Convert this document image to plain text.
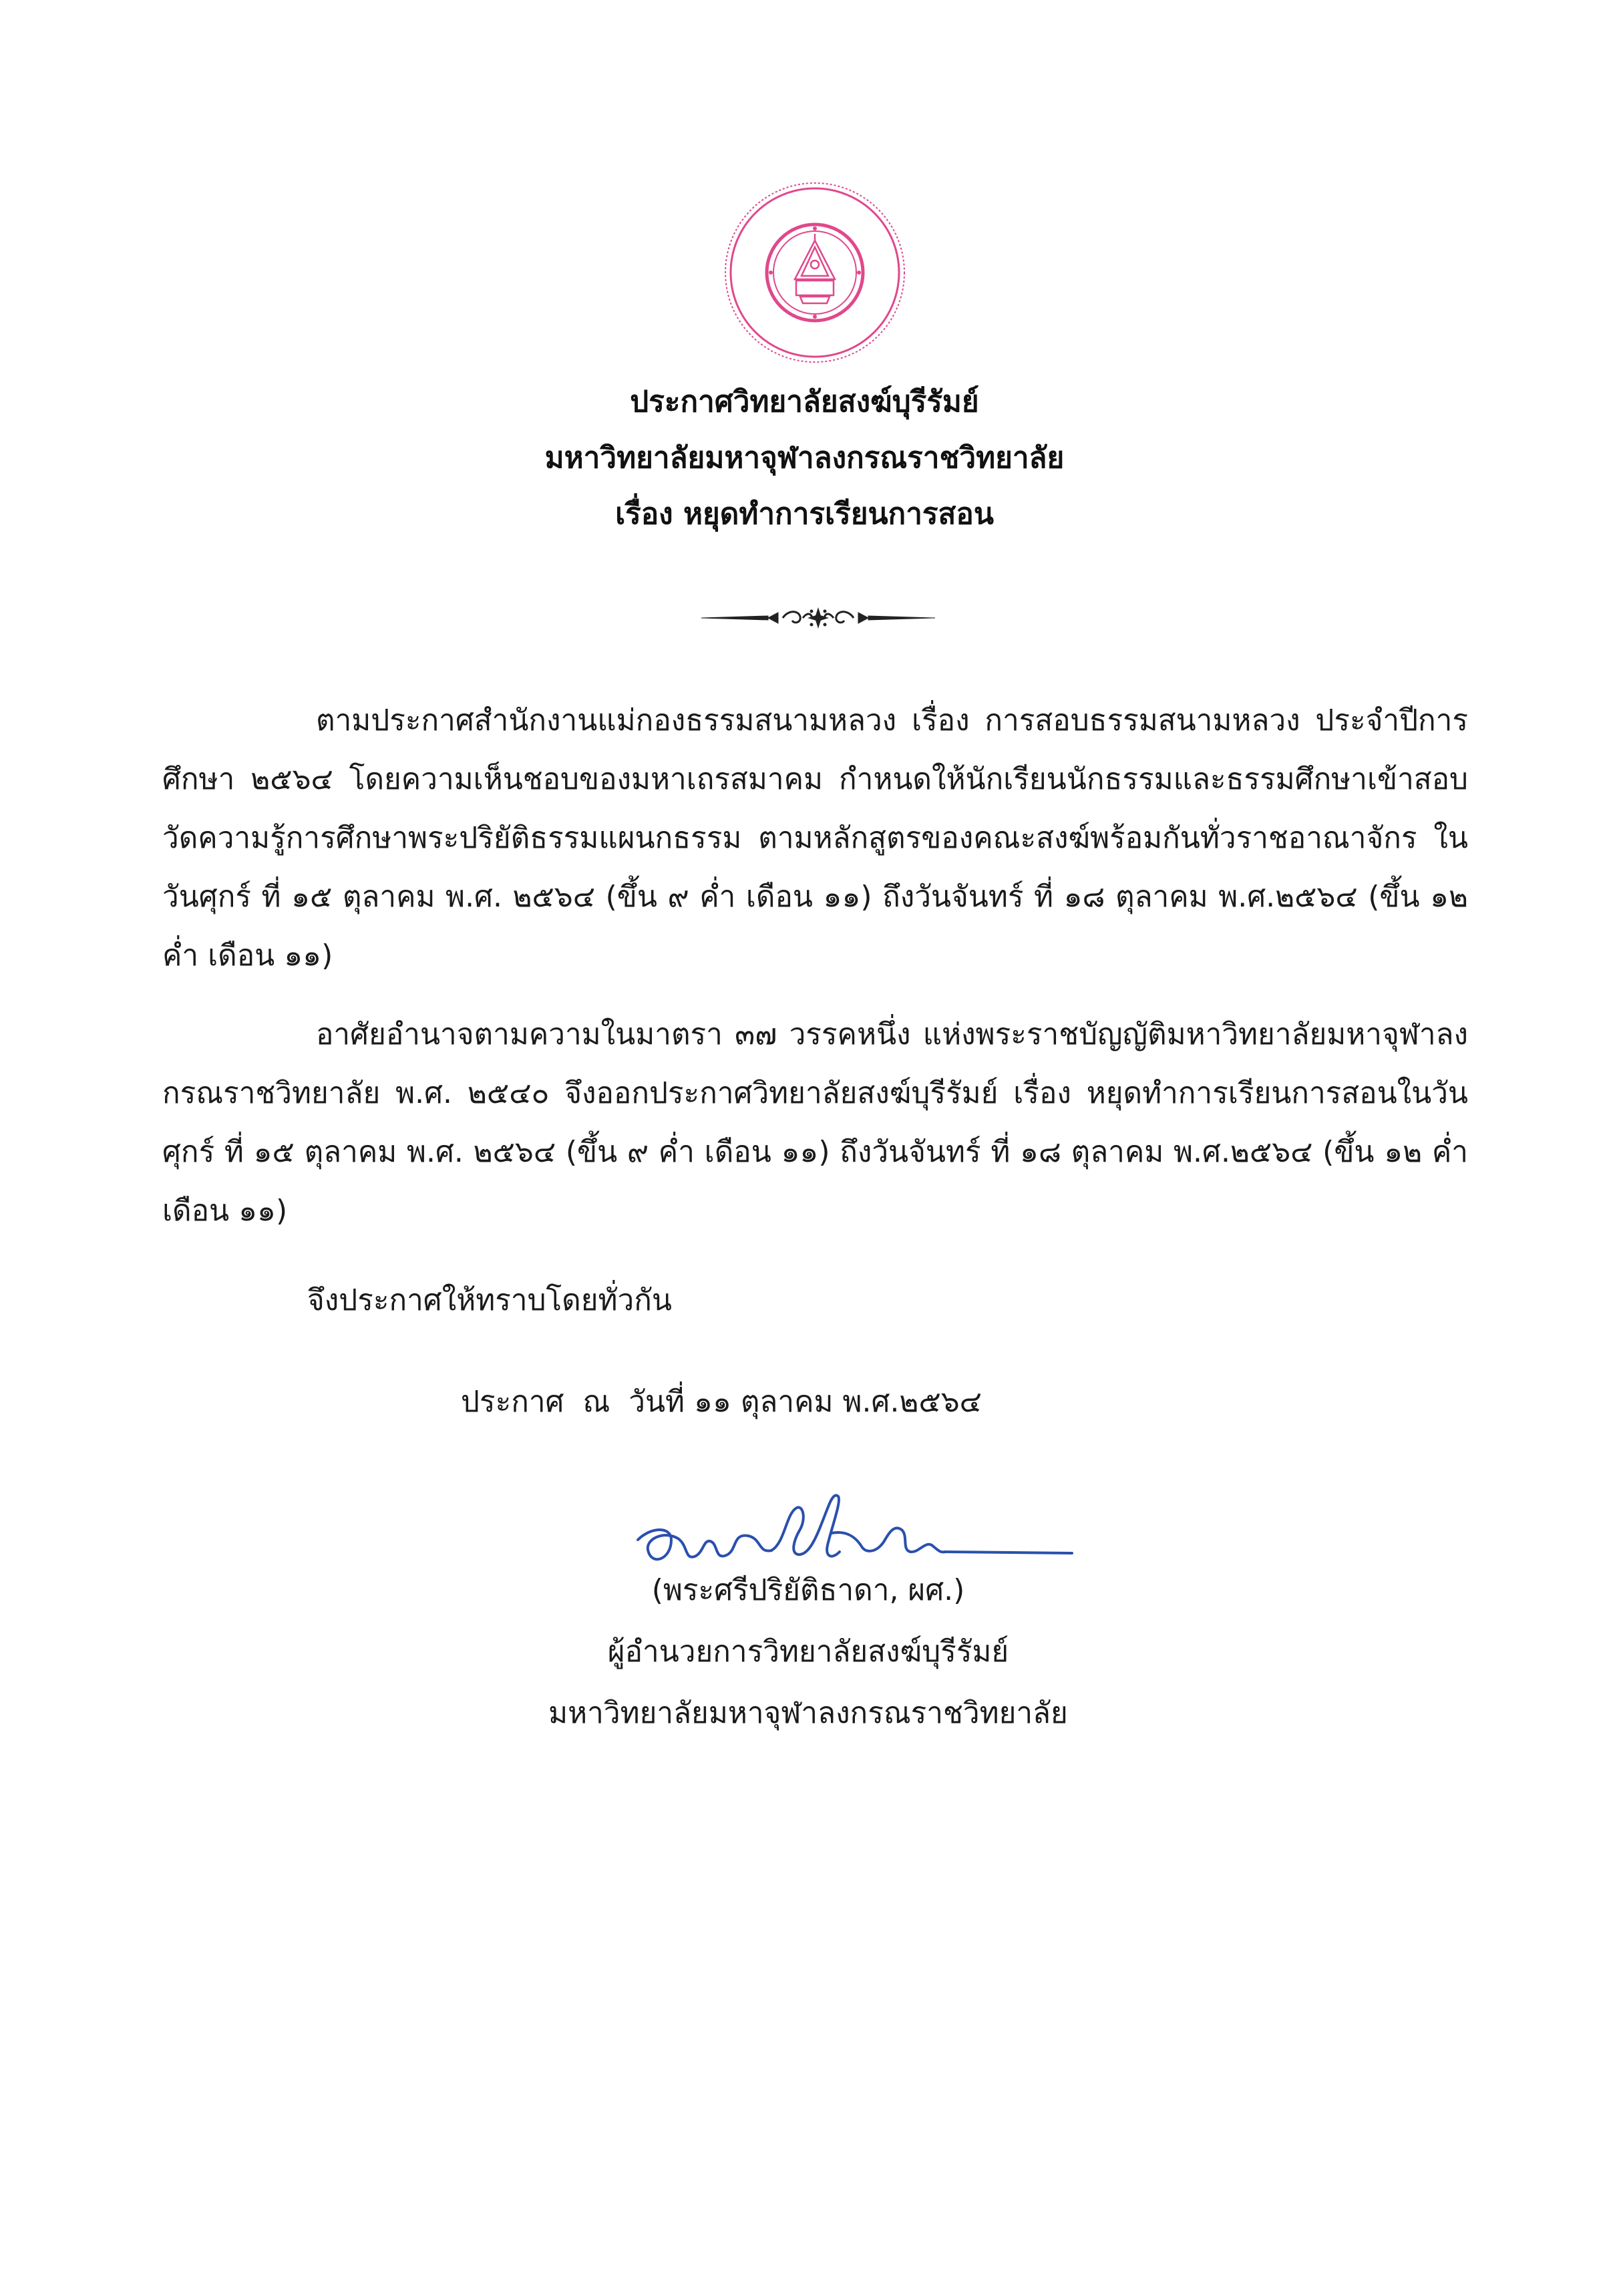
ประกาศวิทยาลัยสงฆ์บุรีรัมย์

มหาวิทยาลัยมหาจุฬาลงกรณราชวิทยาลัย

เรื่อง หยุดทำการเรียนการสอน

ตามประกาศสำนักงานแม่กองธรรมสนามหลวง เรื่อง การสอบธรรมสนามหลวง ประจำปีการศึกษา ๒๕๖๔ โดยความเห็นชอบของมหาเถรสมาคม กำหนดให้นักเรียนนักธรรมและธรรมศึกษาเข้าสอบวัดความรู้การศึกษาพระปริยัติธรรมแผนกธรรม ตามหลักสูตรของคณะสงฆ์พร้อมกันทั่วราชอาณาจักร ในวันศุกร์ ที่ ๑๕ ตุลาคม พ.ศ. ๒๕๖๔ (ขึ้น ๙ ค่ำ เดือน ๑๑) ถึงวันจันทร์ ที่ ๑๘ ตุลาคม พ.ศ.๒๕๖๔ (ขึ้น ๑๒ ค่ำ เดือน ๑๑)

อาศัยอำนาจตามความในมาตรา ๓๗ วรรคหนึ่ง แห่งพระราชบัญญัติมหาวิทยาลัยมหาจุฬาลงกรณราชวิทยาลัย พ.ศ. ๒๕๔๐ จึงออกประกาศวิทยาลัยสงฆ์บุรีรัมย์ เรื่อง หยุดทำการเรียนการสอนในวันศุกร์ ที่ ๑๕ ตุลาคม พ.ศ. ๒๕๖๔ (ขึ้น ๙ ค่ำ เดือน ๑๑) ถึงวันจันทร์ ที่ ๑๘ ตุลาคม พ.ศ.๒๕๖๔ (ขึ้น ๑๒ ค่ำ เดือน ๑๑)

จึงประกาศให้ทราบโดยทั่วกัน

ประกาศ  ณ  วันที่ ๑๑ ตุลาคม พ.ศ.๒๕๖๔

(พระศรีปริยัติธาดา, ผศ.)

ผู้อำนวยการวิทยาลัยสงฆ์บุรีรัมย์

มหาวิทยาลัยมหาจุฬาลงกรณราชวิทยาลัย
